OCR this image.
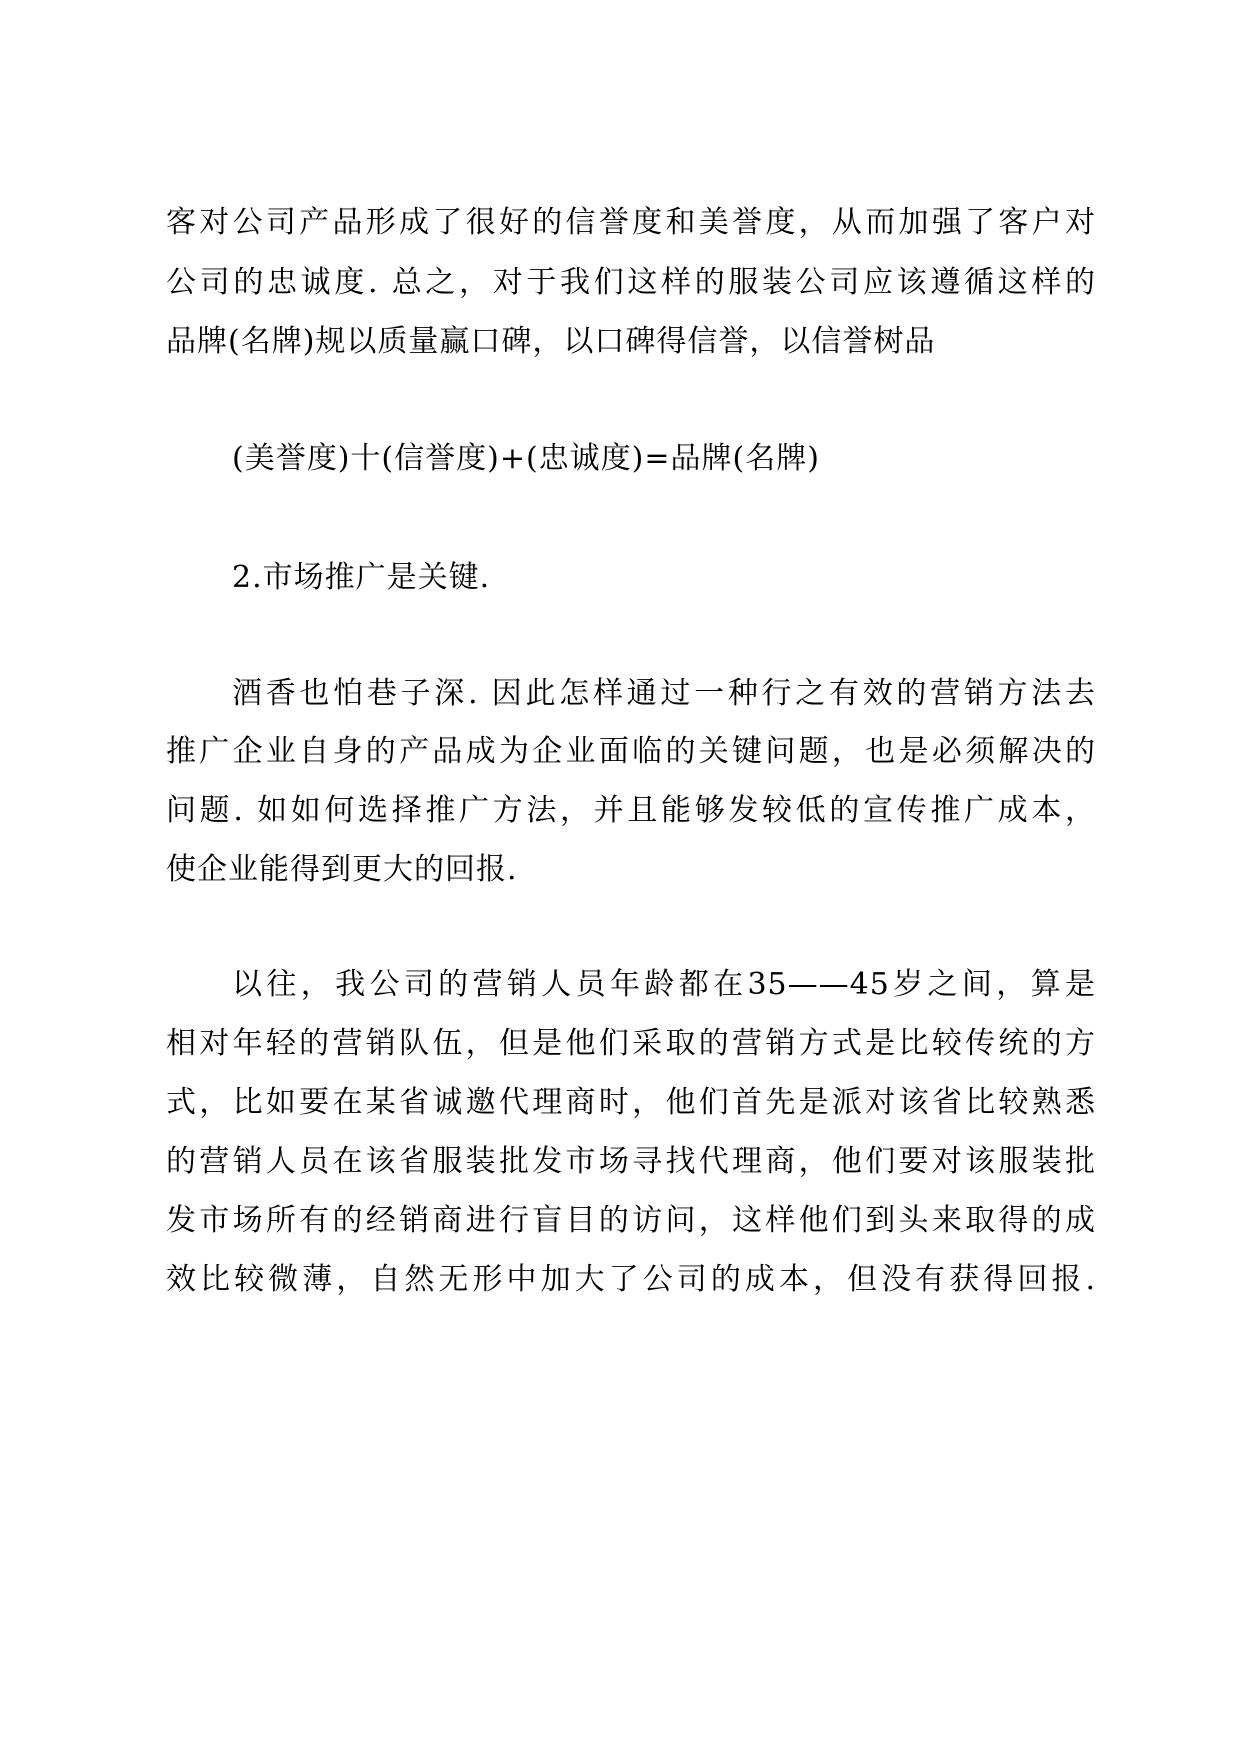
客对公司产品形成了很好的信誉度和美誉度，从而加强了客户对
公司的忠诚度. 总之，对于我们这样的服装公司应该遵循这样的
品牌(名牌)规以质量赢口碑，以口碑得信誉，以信誉树品
(美誉度)十(信誉度)+(忠诚度)=品牌(名牌)
2.市场推广是关键.
酒香也怕巷子深. 因此怎样通过一种行之有效的营销方法去
推广企业自身的产品成为企业面临的关键问题，也是必须解决的
问题. 如如何选择推广方法，并且能够发较低的宣传推广成本，
使企业能得到更大的回报.
以往，我公司的营销人员年龄都在35——45岁之间，算是
相对年轻的营销队伍，但是他们采取的营销方式是比较传统的方
式，比如要在某省诚邀代理商时，他们首先是派对该省比较熟悉
的营销人员在该省服装批发市场寻找代理商，他们要对该服装批
发市场所有的经销商进行盲目的访问，这样他们到头来取得的成
效比较微薄，自然无形中加大了公司的成本，但没有获得回报.
